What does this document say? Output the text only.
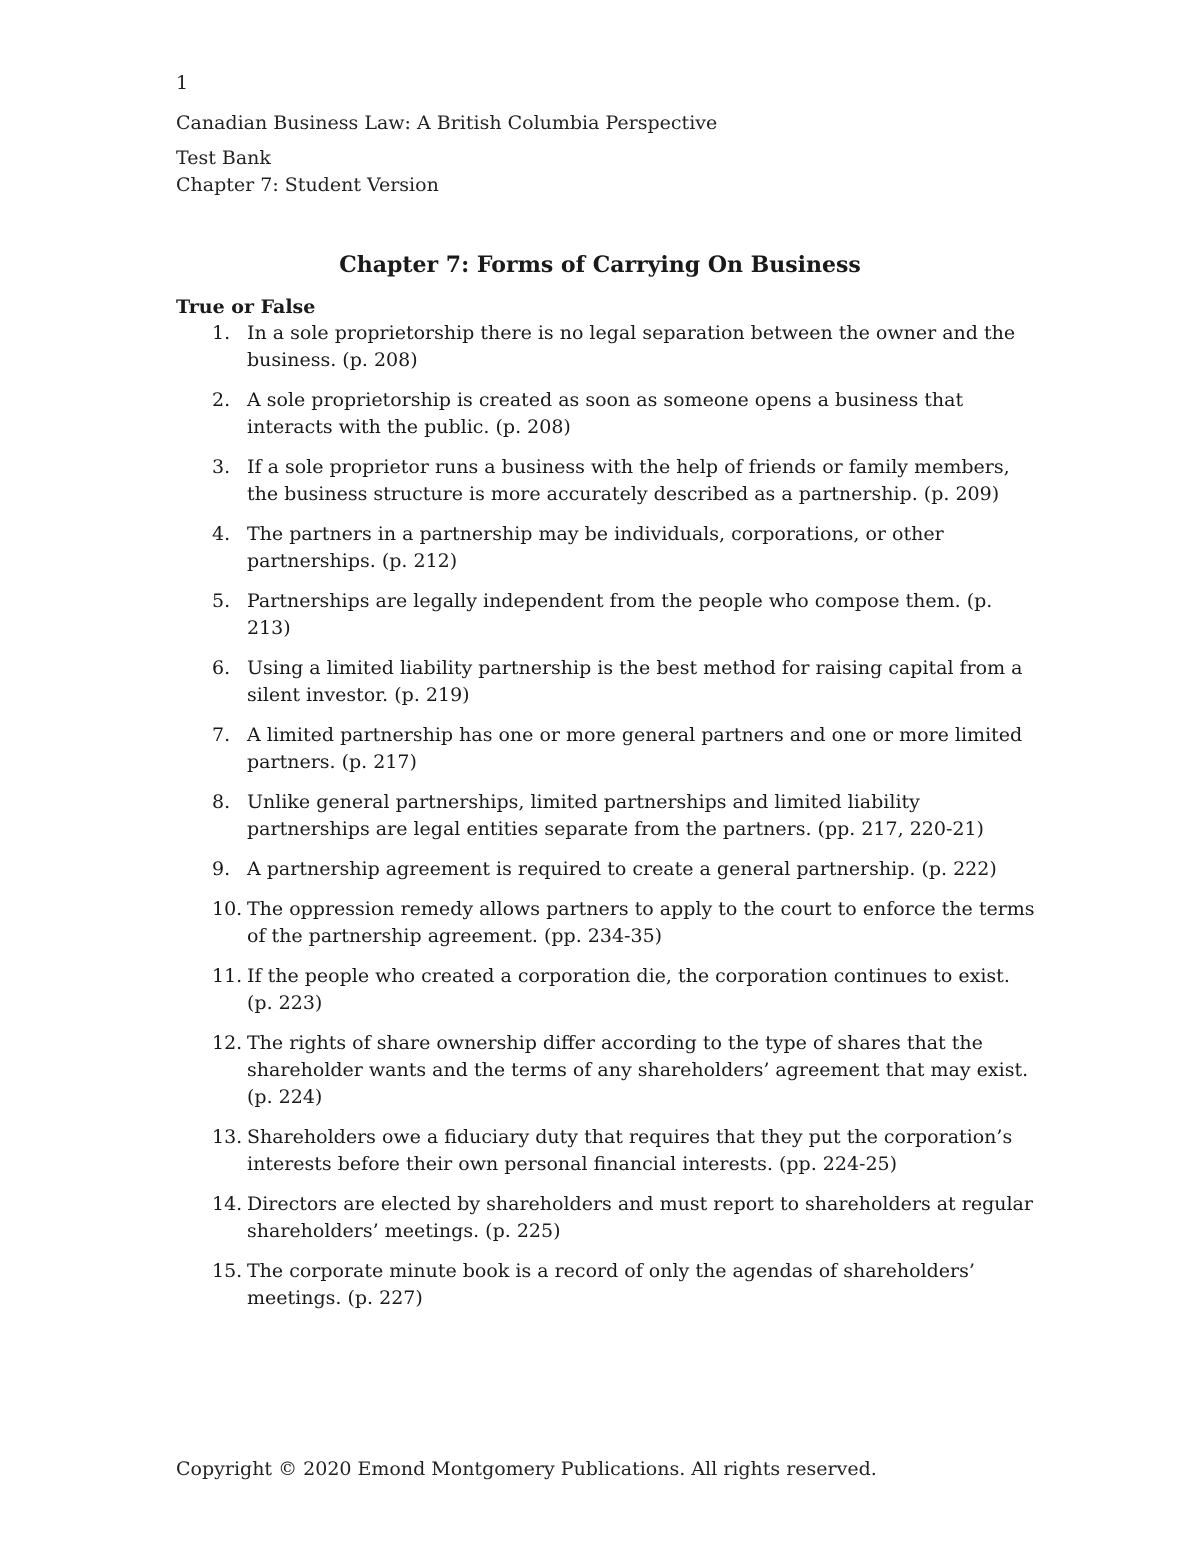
1
Canadian Business Law: A British Columbia Perspective
Test Bank
Chapter 7: Student Version
Chapter 7: Forms of Carrying On Business
True or False
1. In a sole proprietorship there is no legal separation between the owner and the business. (p. 208)
2. A sole proprietorship is created as soon as someone opens a business that interacts with the public. (p. 208)
3. If a sole proprietor runs a business with the help of friends or family members, the business structure is more accurately described as a partnership. (p. 209)
4. The partners in a partnership may be individuals, corporations, or other partnerships. (p. 212)
5. Partnerships are legally independent from the people who compose them. (p. 213)
6. Using a limited liability partnership is the best method for raising capital from a silent investor. (p. 219)
7. A limited partnership has one or more general partners and one or more limited partners. (p. 217)
8. Unlike general partnerships, limited partnerships and limited liability partnerships are legal entities separate from the partners. (pp. 217, 220-21)
9. A partnership agreement is required to create a general partnership. (p. 222)
10. The oppression remedy allows partners to apply to the court to enforce the terms of the partnership agreement. (pp. 234-35)
11. If the people who created a corporation die, the corporation continues to exist. (p. 223)
12. The rights of share ownership differ according to the type of shares that the shareholder wants and the terms of any shareholders’ agreement that may exist. (p. 224)
13. Shareholders owe a fiduciary duty that requires that they put the corporation’s interests before their own personal financial interests. (pp. 224-25)
14. Directors are elected by shareholders and must report to shareholders at regular shareholders’ meetings. (p. 225)
15. The corporate minute book is a record of only the agendas of shareholders’ meetings. (p. 227)
Copyright © 2020 Emond Montgomery Publications. All rights reserved.
